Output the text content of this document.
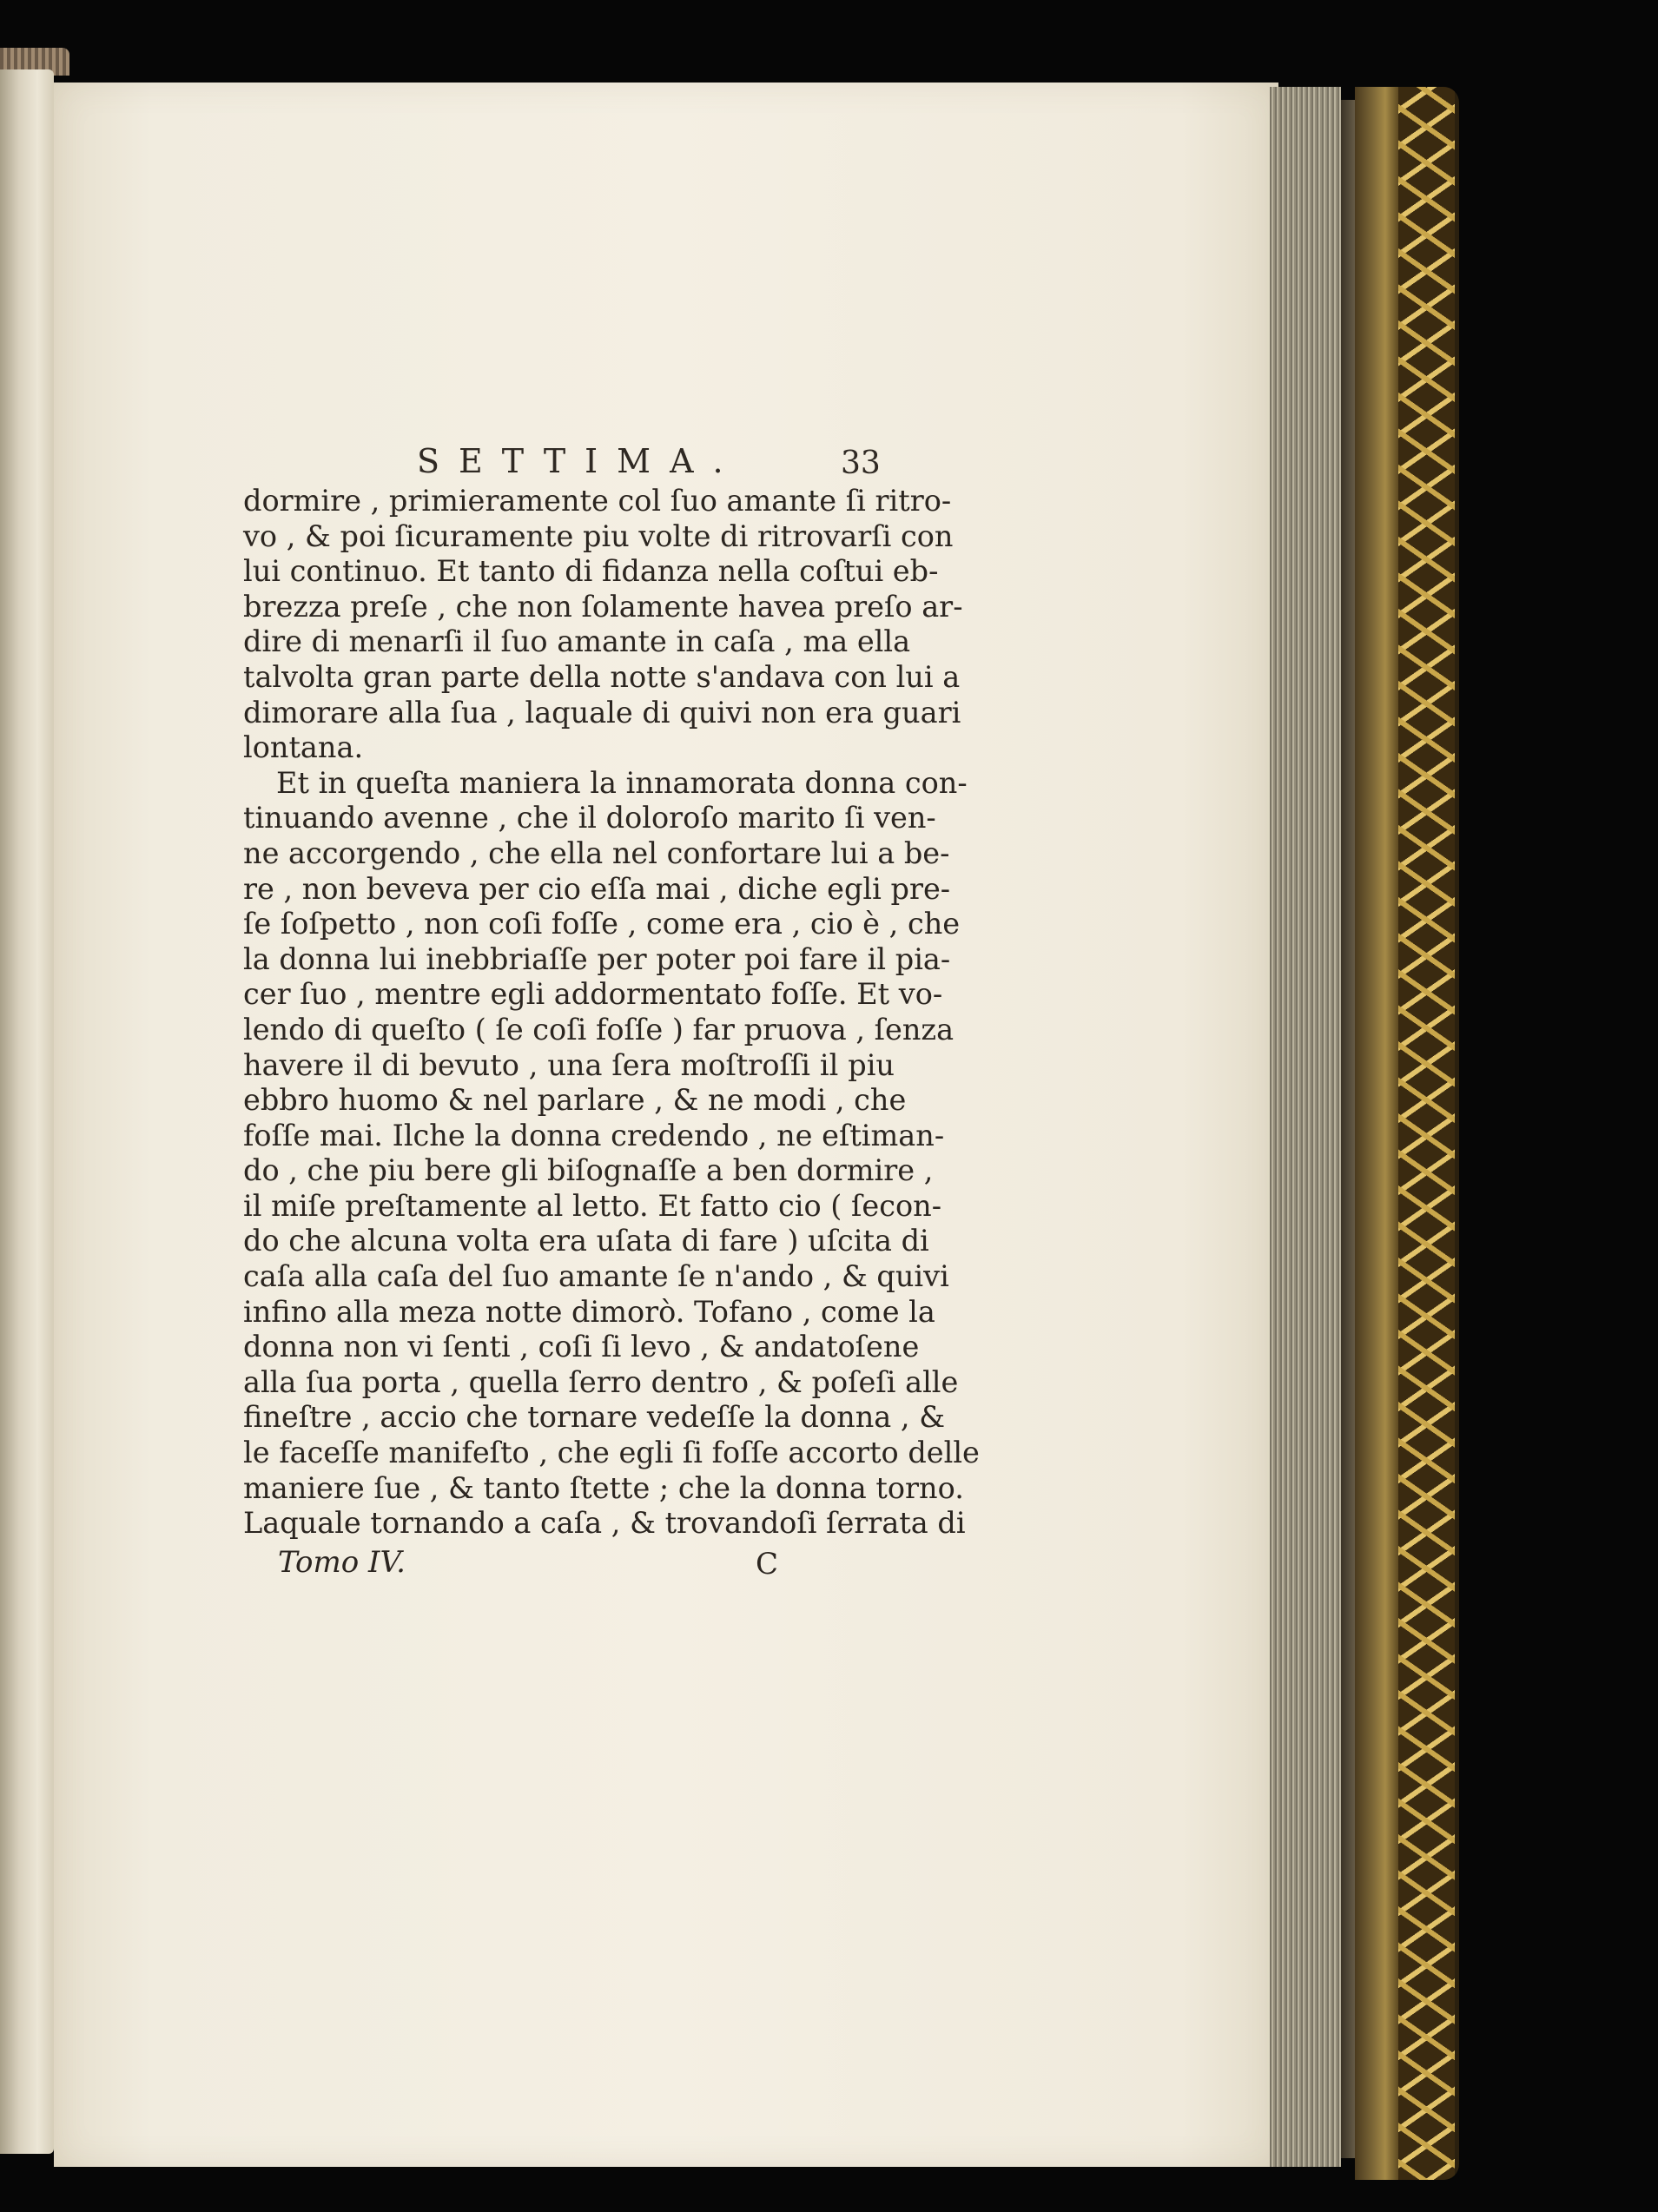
SETTIMA.	33
dormire , primieramente col ſuo amante ſi ritro-
vo , & poi ſicuramente piu volte di ritrovarſi con
lui continuo. Et tanto di fidanza nella coſtui eb-
brezza preſe , che non ſolamente havea preſo ar-
dire di menarſi il ſuo amante in caſa , ma ella
talvolta gran parte della notte s'andava con lui a
dimorare alla ſua , laquale di quivi non era guari
lontana.
Et in queſta maniera la innamorata donna con-
tinuando avenne , che il doloroſo marito ſi ven-
ne accorgendo , che ella nel confortare lui a be-
re , non beveva per cio eſſa mai , diche egli pre-
ſe ſoſpetto , non coſi foſſe , come era , cio è , che
la donna lui inebbriaſſe per poter poi fare il pia-
cer ſuo , mentre egli addormentato foſſe. Et vo-
lendo di queſto ( ſe coſi foſſe ) far pruova , ſenza
havere il di bevuto , una ſera moſtroſſi il piu
ebbro huomo & nel parlare , & ne modi , che
foſſe mai. Ilche la donna credendo , ne eſtiman-
do , che piu bere gli biſognaſſe a ben dormire ,
il miſe preſtamente al letto. Et fatto cio ( ſecon-
do che alcuna volta era uſata di fare ) uſcita di
caſa alla caſa del ſuo amante ſe n'ando , & quivi
infino alla meza notte dimorò. Tofano , come la
donna non vi ſenti , coſi ſi levo , & andatoſene
alla ſua porta , quella ſerro dentro , & poſeſi alle
fineſtre , accio che tornare vedeſſe la donna , &
le faceſſe manifeſto , che egli ſi foſſe accorto delle
maniere ſue , & tanto ſtette ; che la donna torno.
Laquale tornando a caſa , & trovandoſi ſerrata di
Tomo IV.	C
